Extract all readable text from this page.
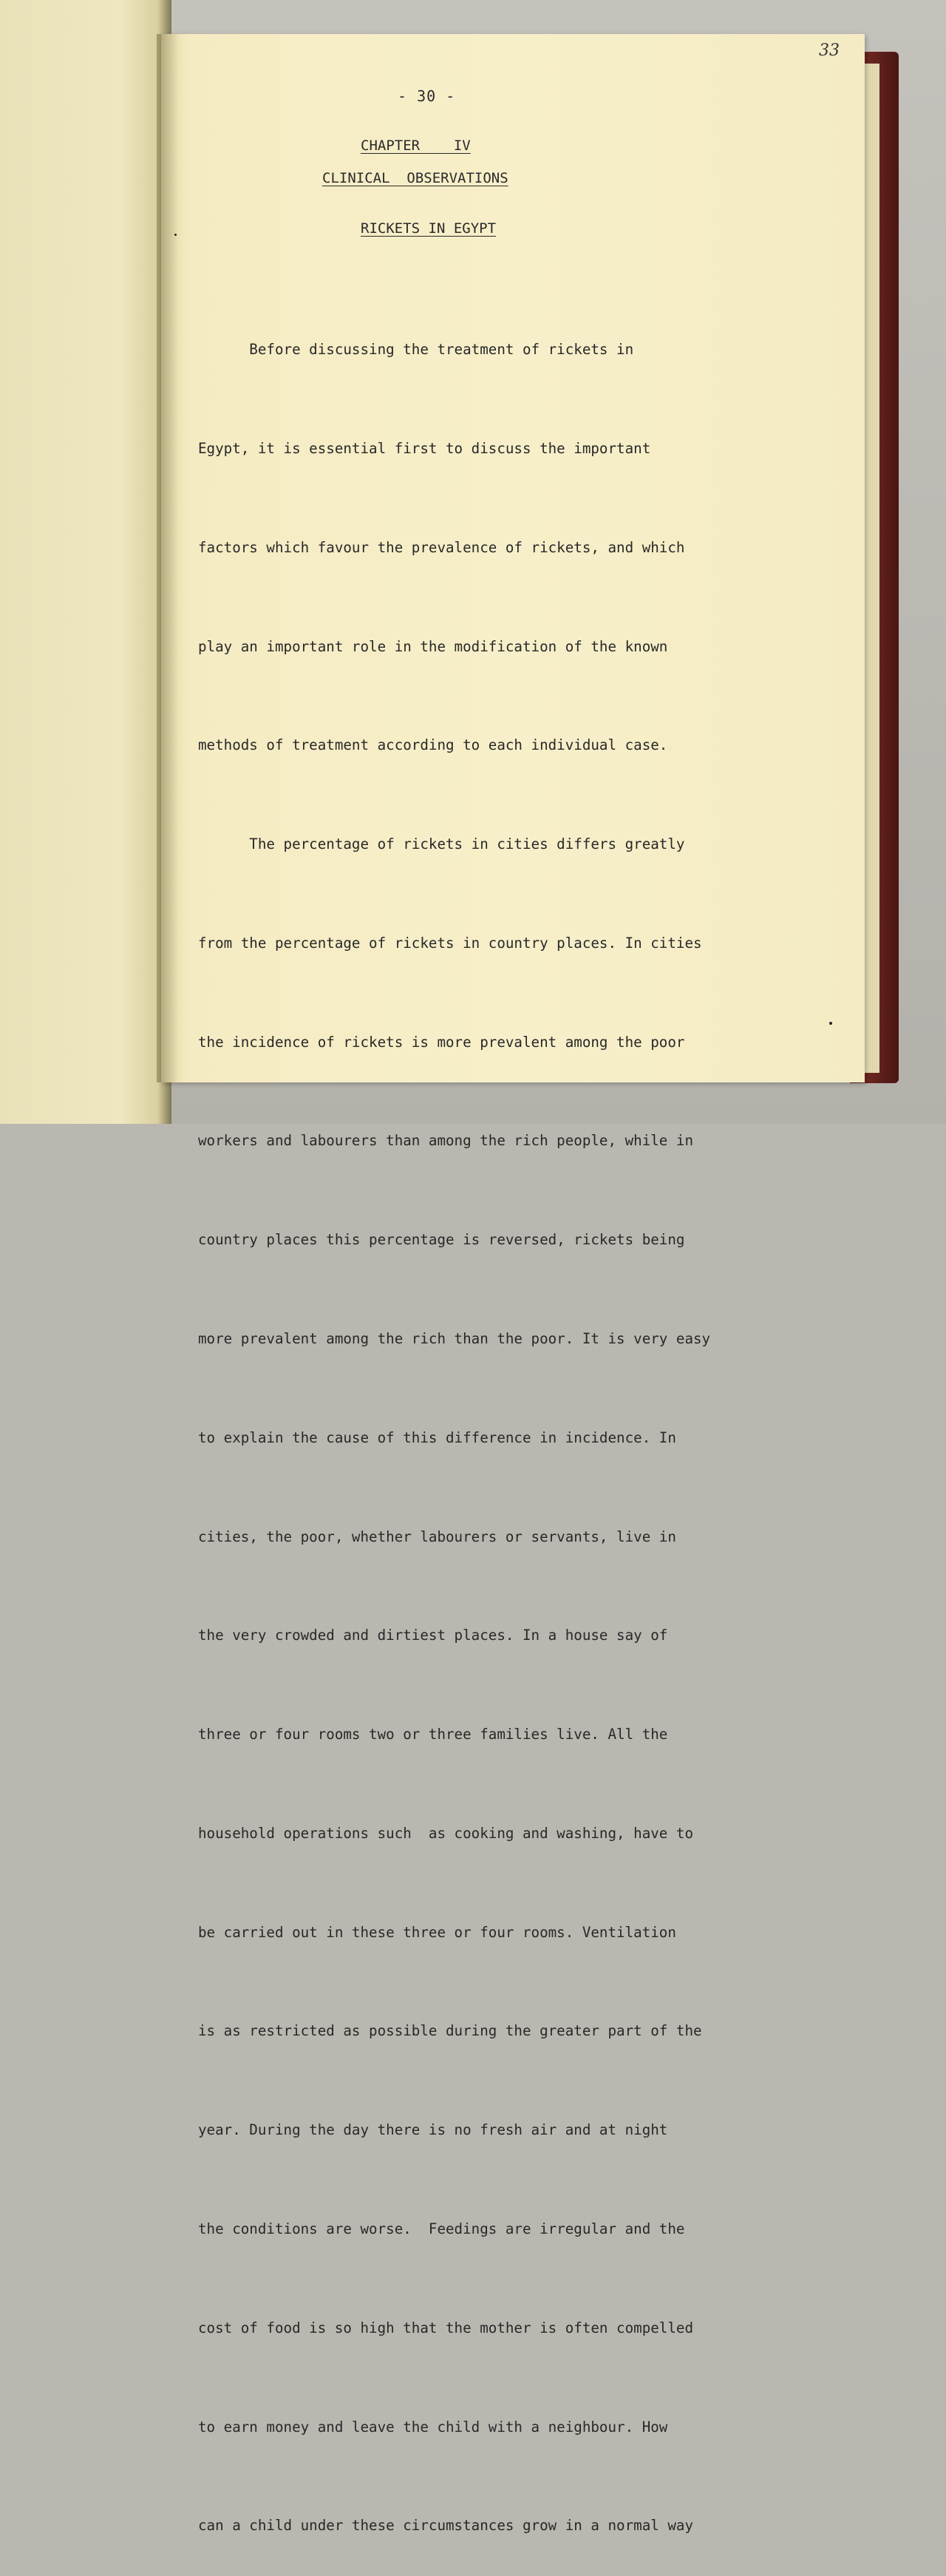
33
- 30 -
CHAPTER    IV
CLINICAL  OBSERVATIONS
RICKETS IN EGYPT

Before discussing the treatment of rickets in

Egypt, it is essential first to discuss the important

factors which favour the prevalence of rickets, and which

play an important role in the modification of the known

methods of treatment according to each individual case.

The percentage of rickets in cities differs greatly

from the percentage of rickets in country places. In cities

the incidence of rickets is more prevalent among the poor

workers and labourers than among the rich people, while in

country places this percentage is reversed, rickets being

more prevalent among the rich than the poor. It is very easy

to explain the cause of this difference in incidence. In

cities, the poor, whether labourers or servants, live in

the very crowded and dirtiest places. In a house say of

three or four rooms two or three families live. All the

household operations such  as cooking and washing, have to

be carried out in these three or four rooms. Ventilation

is as restricted as possible during the greater part of the

year. During the day there is no fresh air and at night

the conditions are worse.  Feedings are irregular and the

cost of food is so high that the mother is often compelled

to earn money and leave the child with a neighbour. How

can a child under these circumstances grow in a normal way
